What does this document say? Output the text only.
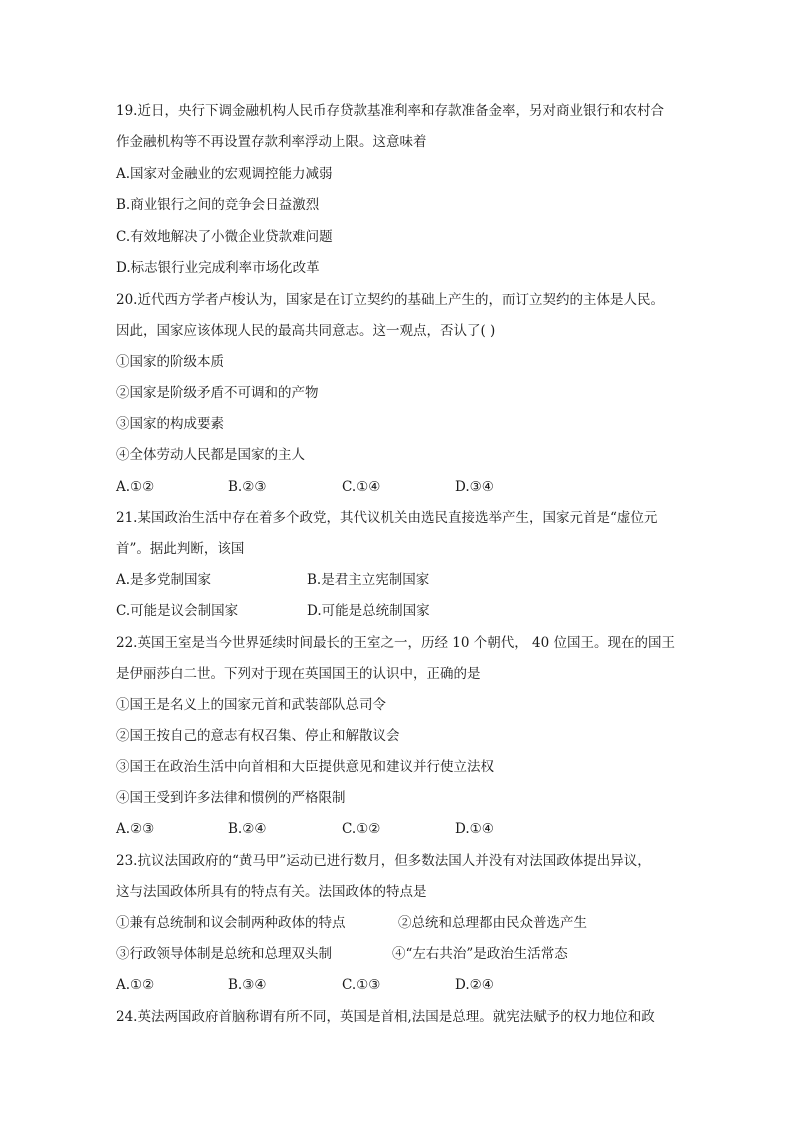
19.近日，央行下调金融机构人民币存贷款基准利率和存款准备金率，另对商业银行和农村合
作金融机构等不再设置存款利率浮动上限。这意味着
A.国家对金融业的宏观调控能力减弱
B.商业银行之间的竞争会日益激烈
C.有效地解决了小微企业贷款难问题
D.标志银行业完成利率市场化改革
20.近代西方学者卢梭认为，国家是在订立契约的基础上产生的，而订立契约的主体是人民。
因此，国家应该体现人民的最高共同意志。这一观点，否认了( )
①国家的阶级本质
②国家是阶级矛盾不可调和的产物
③国家的构成要素
④全体劳动人民都是国家的主人
A.①②	B.②③	C.①④	D.③④
21.某国政治生活中存在着多个政党，其代议机关由选民直接选举产生，国家元首是“虚位元
首”。据此判断，该国
A.是多党制国家	B.是君主立宪制国家
C.可能是议会制国家	D.可能是总统制国家
22.英国王室是当今世界延续时间最长的王室之一，历经 10 个朝代， 40 位国王。现在的国王
是伊丽莎白二世。下列对于现在英国国王的认识中，正确的是
①国王是名义上的国家元首和武装部队总司令
②国王按自己的意志有权召集、停止和解散议会
③国王在政治生活中向首相和大臣提供意见和建议并行使立法权
④国王受到许多法律和惯例的严格限制
A.②③	B.②④	C.①②	D.①④
23.抗议法国政府的“黄马甲”运动已进行数月，但多数法国人并没有对法国政体提出异议，
这与法国政体所具有的特点有关。法国政体的特点是
①兼有总统制和议会制两种政体的特点	②总统和总理都由民众普选产生
③行政领导体制是总统和总理双头制	④“左右共治”是政治生活常态
A.①②	B.③④	C.①③	D.②④
24.英法两国政府首脑称谓有所不同，英国是首相,法国是总理。就宪法赋予的权力地位和政
